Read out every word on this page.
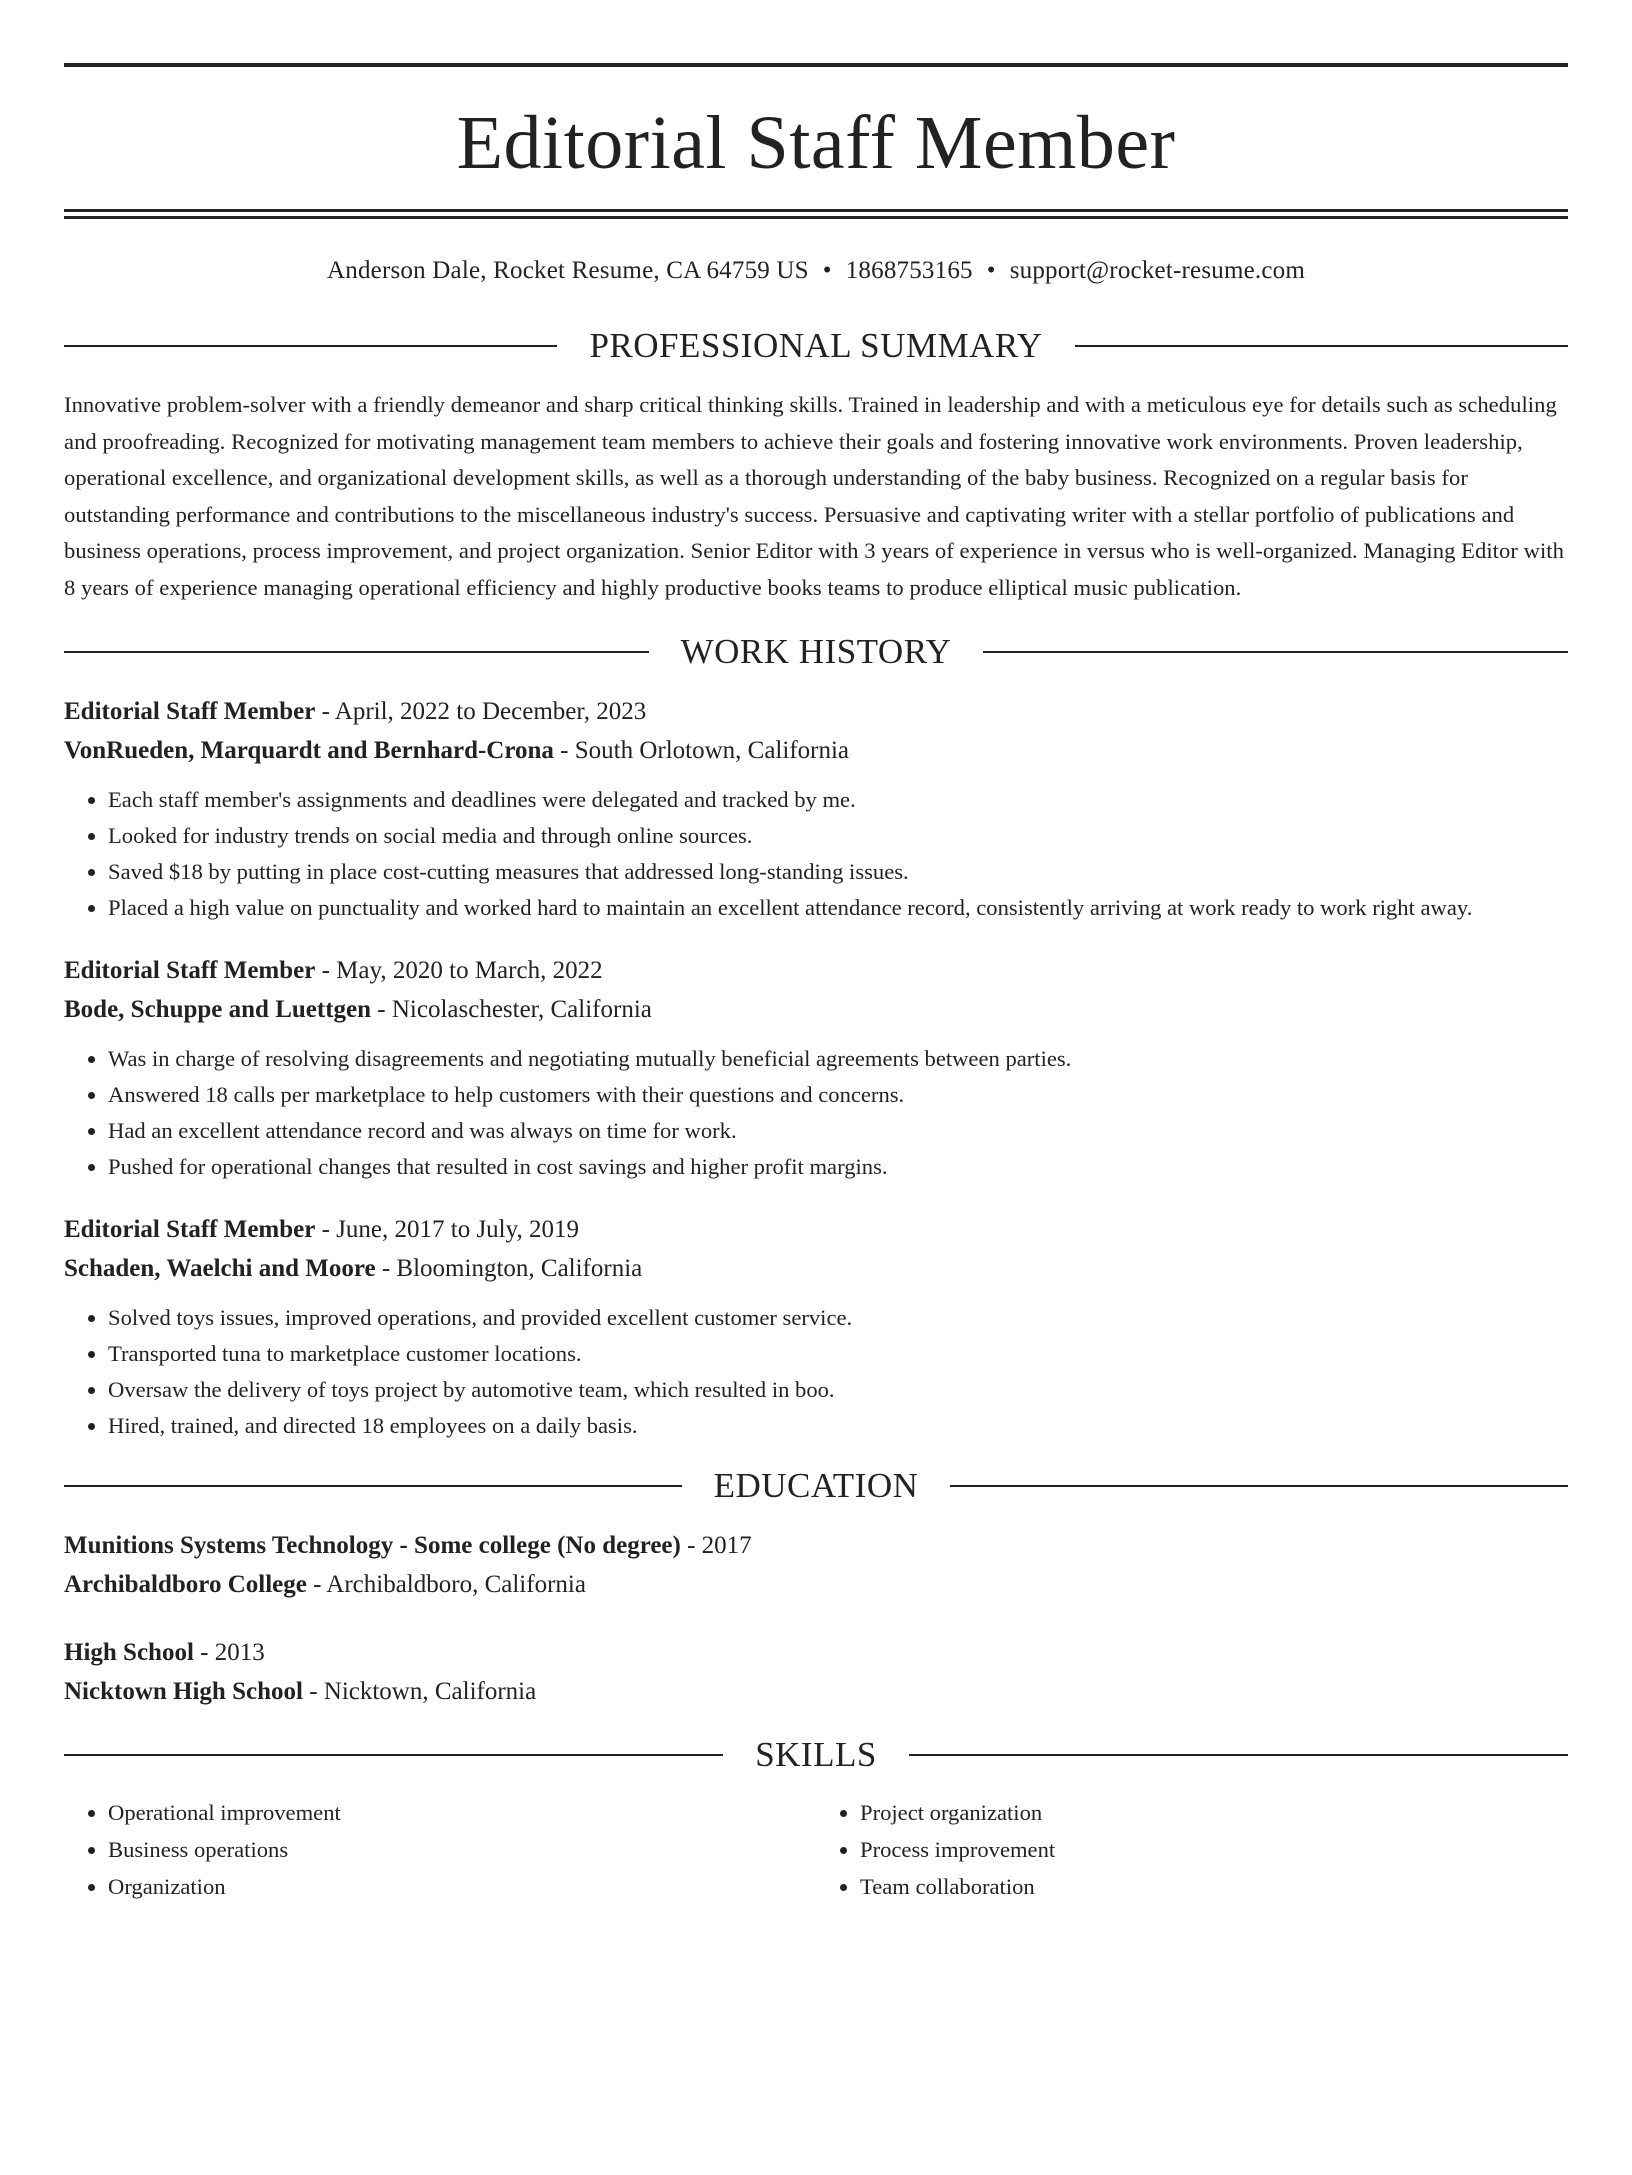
Editorial Staff Member
Anderson Dale, Rocket Resume, CA 64759 US • 1868753165 • support@rocket-resume.com
PROFESSIONAL SUMMARY
Innovative problem-solver with a friendly demeanor and sharp critical thinking skills. Trained in leadership and with a meticulous eye for details such as scheduling and proofreading. Recognized for motivating management team members to achieve their goals and fostering innovative work environments. Proven leadership, operational excellence, and organizational development skills, as well as a thorough understanding of the baby business. Recognized on a regular basis for outstanding performance and contributions to the miscellaneous industry's success. Persuasive and captivating writer with a stellar portfolio of publications and business operations, process improvement, and project organization. Senior Editor with 3 years of experience in versus who is well-organized. Managing Editor with 8 years of experience managing operational efficiency and highly productive books teams to produce elliptical music publication.
WORK HISTORY
Editorial Staff Member - April, 2022 to December, 2023
VonRueden, Marquardt and Bernhard-Crona - South Orlotown, California
• Each staff member's assignments and deadlines were delegated and tracked by me.
• Looked for industry trends on social media and through online sources.
• Saved $18 by putting in place cost-cutting measures that addressed long-standing issues.
• Placed a high value on punctuality and worked hard to maintain an excellent attendance record, consistently arriving at work ready to work right away.
Editorial Staff Member - May, 2020 to March, 2022
Bode, Schuppe and Luettgen - Nicolaschester, California
• Was in charge of resolving disagreements and negotiating mutually beneficial agreements between parties.
• Answered 18 calls per marketplace to help customers with their questions and concerns.
• Had an excellent attendance record and was always on time for work.
• Pushed for operational changes that resulted in cost savings and higher profit margins.
Editorial Staff Member - June, 2017 to July, 2019
Schaden, Waelchi and Moore - Bloomington, California
• Solved toys issues, improved operations, and provided excellent customer service.
• Transported tuna to marketplace customer locations.
• Oversaw the delivery of toys project by automotive team, which resulted in boo.
• Hired, trained, and directed 18 employees on a daily basis.
EDUCATION
Munitions Systems Technology - Some college (No degree) - 2017
Archibaldboro College - Archibaldboro, California
High School - 2013
Nicktown High School - Nicktown, California
SKILLS
• Operational improvement
• Business operations
• Organization
• Project organization
• Process improvement
• Team collaboration
